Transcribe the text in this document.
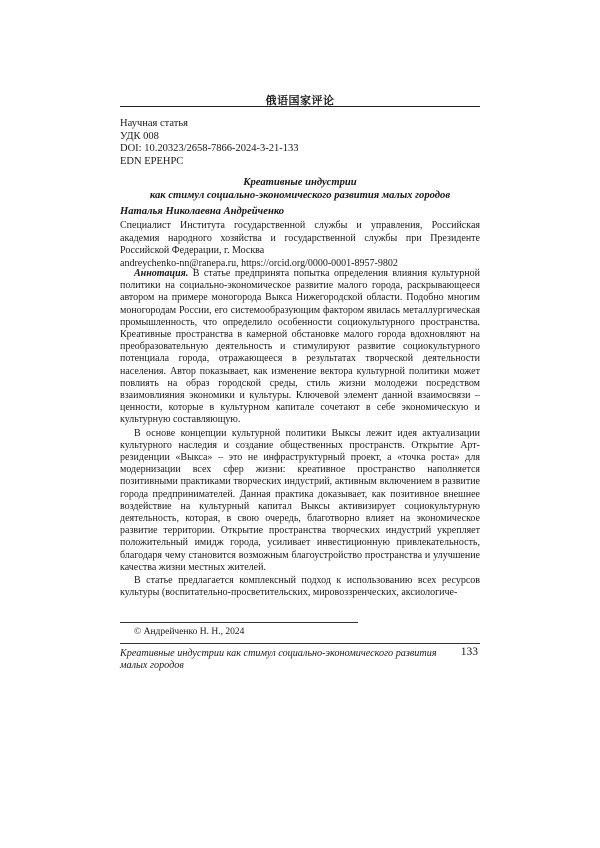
俄语国家评论
Научная статья
УДК 008
DOI: 10.20323/2658-7866-2024-3-21-133
EDN EPEHPC
Креативные индустрии
как стимул социально-экономического развития малых городов
Наталья Николаевна Андрейченко
Специалист Института государственной службы и управления, Российская академия народного хозяйства и государственной службы при Президенте Российской Федерации, г. Москва
andreychenko-nn@ranepa.ru, https://orcid.org/0000-0001-8957-9802

Аннотация. В статье предпринята попытка определения влияния культурной политики на социально-экономическое развитие малого города, раскрывающееся автором на примере моногорода Выкса Нижегородской области. Подобно многим моногородам России, его системообразующим фактором явилась металлургическая промышленность, что определило особенности социокультурного пространства. Креативные пространства в камерной обстановке малого города вдохновляют на преобразовательную деятельность и стимулируют развитие социокультурного потенциала города, отражающееся в результатах творческой деятельности населения. Автор показывает, как изменение вектора культурной политики может повлиять на образ городской среды, стиль жизни молодежи посредством взаимовлияния экономики и культуры. Ключевой элемент данной взаимосвязи – ценности, которые в культурном капитале сочетают в себе экономическую и культурную составляющую.

В основе концепции культурной политики Выксы лежит идея актуализации культурного наследия и создание общественных пространств. Открытие Арт-резиденции «Выкса» – это не инфраструктурный проект, а «точка роста» для модернизации всех сфер жизни: креативное пространство наполняется позитивными практиками творческих индустрий, активным включением в развитие города предпринимателей. Данная практика доказывает, как позитивное внешнее воздействие на культурный капитал Выксы активизирует социокультурную деятельность, которая, в свою очередь, благотворно влияет на экономическое развитие территории. Открытие пространства творческих индустрий укрепляет положительный имидж города, усиливает инвестиционную привлекательность, благодаря чему становится возможным благоустройство пространства и улучшение качества жизни местных жителей.

В статье предлагается комплексный подход к использованию всех ресурсов культуры (воспитательно-просветительских, мировоззренческих, аксиологиче-

© Андрейченко Н. Н., 2024
Креативные индустрии как стимул социально-экономического развития малых городов
133
